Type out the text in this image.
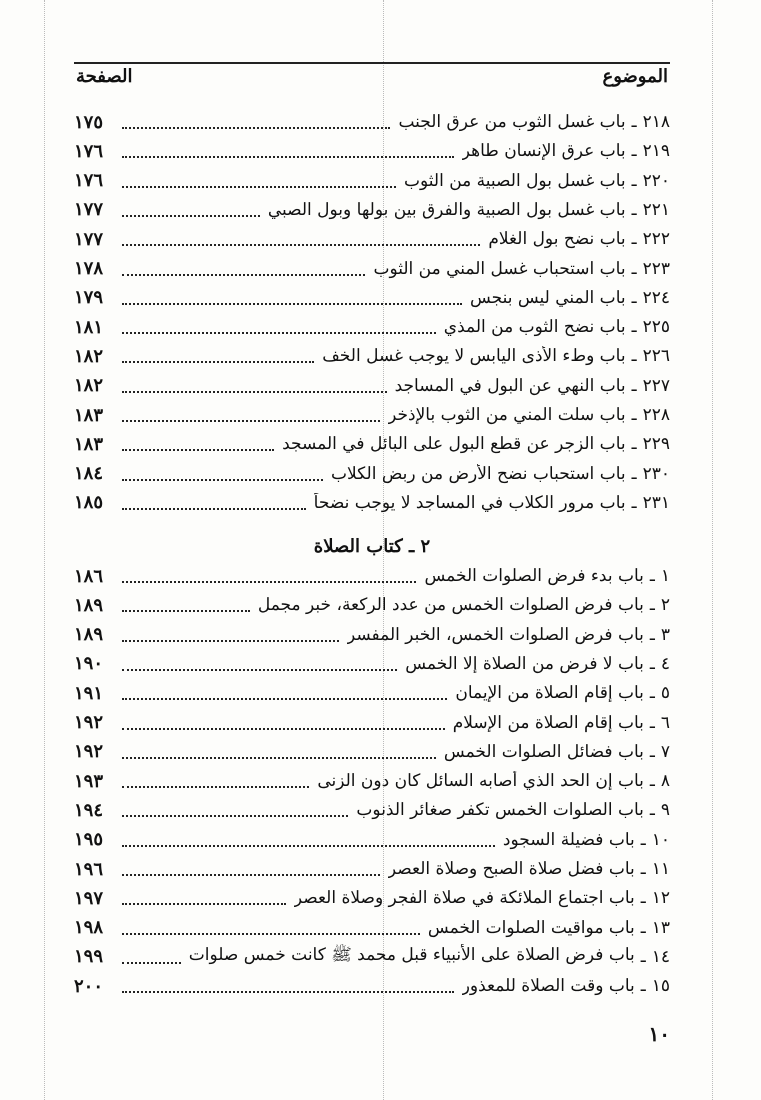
الموضوع
الصفحة
٢١٨
ـ
باب غسل الثوب من عرق الجنب
١٧٥
٢١٩
ـ
باب عرق الإنسان طاهر
١٧٦
٢٢٠
ـ
باب غسل بول الصبية من الثوب
١٧٦
٢٢١
ـ
باب غسل بول الصبية والفرق بين بولها وبول الصبي
١٧٧
٢٢٢
ـ
باب نضح بول الغلام
١٧٧
٢٢٣
ـ
باب استحباب غسل المني من الثوب
١٧٨
٢٢٤
ـ
باب المني ليس بنجس
١٧٩
٢٢٥
ـ
باب نضح الثوب من المذي
١٨١
٢٢٦
ـ
باب وطء الأذى اليابس لا يوجب غسل الخف
١٨٢
٢٢٧
ـ
باب النهي عن البول في المساجد
١٨٢
٢٢٨
ـ
باب سلت المني من الثوب بالإذخر
١٨٣
٢٢٩
ـ
باب الزجر عن قطع البول على البائل في المسجد
١٨٣
٢٣٠
ـ
باب استحباب نضح الأرض من ربض الكلاب
١٨٤
٢٣١
ـ
باب مرور الكلاب في المساجد لا يوجب نضحاً
١٨٥
٢ ـ كتاب الصلاة
١
ـ
باب بدء فرض الصلوات الخمس
١٨٦
٢
ـ
باب فرض الصلوات الخمس من عدد الركعة، خبر مجمل
١٨٩
٣
ـ
باب فرض الصلوات الخمس، الخبر المفسر
١٨٩
٤
ـ
باب لا فرض من الصلاة إلا الخمس
١٩٠
٥
ـ
باب إقام الصلاة من الإيمان
١٩١
٦
ـ
باب إقام الصلاة من الإسلام
١٩٢
٧
ـ
باب فضائل الصلوات الخمس
١٩٢
٨
ـ
باب إن الحد الذي أصابه السائل كان دون الزنى
١٩٣
٩
ـ
باب الصلوات الخمس تكفر صغائر الذنوب
١٩٤
١٠
ـ
باب فضيلة السجود
١٩٥
١١
ـ
باب فضل صلاة الصبح وصلاة العصر
١٩٦
١٢
ـ
باب اجتماع الملائكة في صلاة الفجر وصلاة العصر
١٩٧
١٣
ـ
باب مواقيت الصلوات الخمس
١٩٨
١٤
ـ
باب فرض الصلاة على الأنبياء قبل محمد ﷺ كانت خمس صلوات
١٩٩
١٥
ـ
باب وقت الصلاة للمعذور
٢٠٠
١٠
